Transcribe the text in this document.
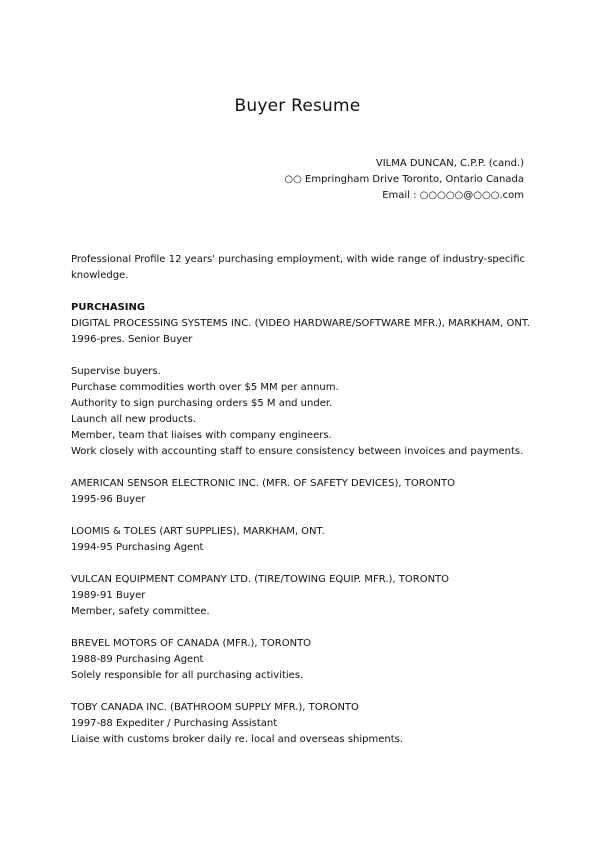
Buyer Resume
VILMA DUNCAN, C.P.P. (cand.)
○○ Empringham Drive Toronto, Ontario Canada
Email : ○○○○○@○○○.com
Professional Profile 12 years' purchasing employment, with wide range of industry-specific knowledge.
PURCHASING
DIGITAL PROCESSING SYSTEMS INC. (VIDEO HARDWARE/SOFTWARE MFR.), MARKHAM, ONT.
1996-pres. Senior Buyer
Supervise buyers.
Purchase commodities worth over $5 MM per annum.
Authority to sign purchasing orders $5 M and under.
Launch all new products.
Member, team that liaises with company engineers.
Work closely with accounting staff to ensure consistency between invoices and payments.
AMERICAN SENSOR ELECTRONIC INC. (MFR. OF SAFETY DEVICES), TORONTO
1995-96 Buyer
LOOMIS & TOLES (ART SUPPLIES), MARKHAM, ONT.
1994-95 Purchasing Agent
VULCAN EQUIPMENT COMPANY LTD. (TIRE/TOWING EQUIP. MFR.), TORONTO
1989-91 Buyer
Member, safety committee.
BREVEL MOTORS OF CANADA (MFR.), TORONTO
1988-89 Purchasing Agent
Solely responsible for all purchasing activities.
TOBY CANADA INC. (BATHROOM SUPPLY MFR.), TORONTO
1997-88 Expediter / Purchasing Assistant
Liaise with customs broker daily re. local and overseas shipments.
